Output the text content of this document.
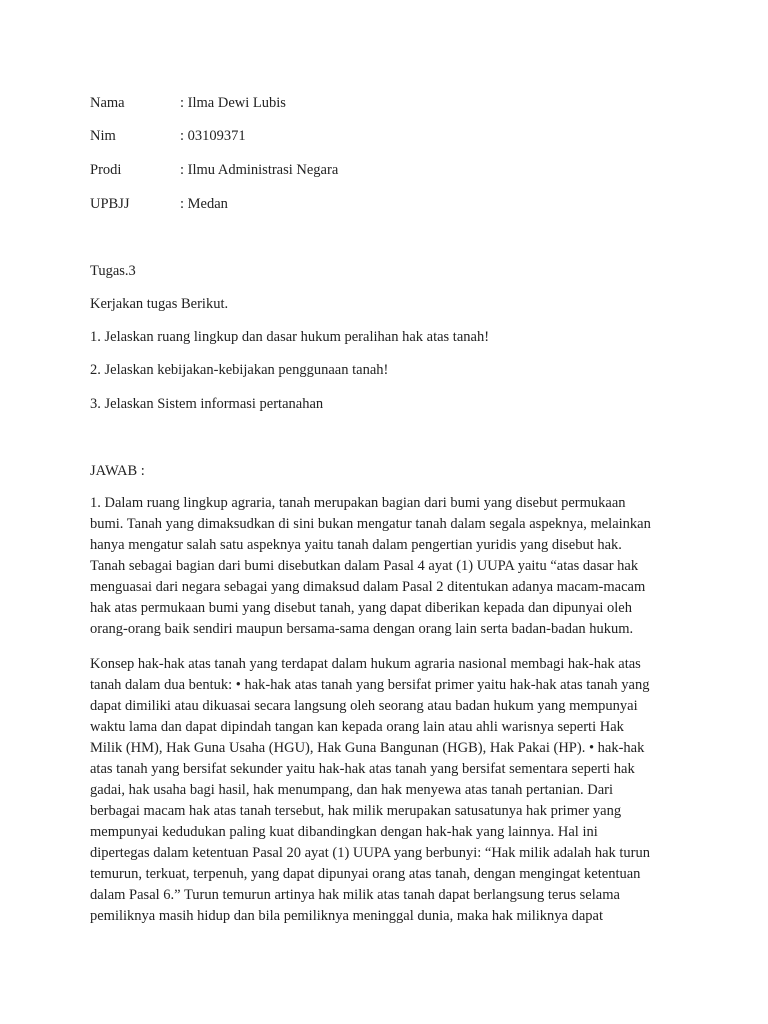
Nama	: Ilma Dewi Lubis
Nim	: 03109371
Prodi	: Ilmu Administrasi Negara
UPBJJ	: Medan
Tugas.3
Kerjakan tugas Berikut.
1. Jelaskan ruang lingkup dan dasar hukum peralihan hak atas tanah!
2. Jelaskan kebijakan-kebijakan penggunaan tanah!
3. Jelaskan Sistem informasi pertanahan
JAWAB :

1. Dalam ruang lingkup agraria, tanah merupakan bagian dari bumi yang disebut permukaan
bumi. Tanah yang dimaksudkan di sini bukan mengatur tanah dalam segala aspeknya, melainkan
hanya mengatur salah satu aspeknya yaitu tanah dalam pengertian yuridis yang disebut hak.
Tanah sebagai bagian dari bumi disebutkan dalam Pasal 4 ayat (1) UUPA yaitu “atas dasar hak
menguasai dari negara sebagai yang dimaksud dalam Pasal 2 ditentukan adanya macam-macam
hak atas permukaan bumi yang disebut tanah, yang dapat diberikan kepada dan dipunyai oleh
orang-orang baik sendiri maupun bersama-sama dengan orang lain serta badan-badan hukum.

Konsep hak-hak atas tanah yang terdapat dalam hukum agraria nasional membagi hak-hak atas
tanah dalam dua bentuk: • hak-hak atas tanah yang bersifat primer yaitu hak-hak atas tanah yang
dapat dimiliki atau dikuasai secara langsung oleh seorang atau badan hukum yang mempunyai
waktu lama dan dapat dipindah tangan kan kepada orang lain atau ahli warisnya seperti Hak
Milik (HM), Hak Guna Usaha (HGU), Hak Guna Bangunan (HGB), Hak Pakai (HP). • hak-hak
atas tanah yang bersifat sekunder yaitu hak-hak atas tanah yang bersifat sementara seperti hak
gadai, hak usaha bagi hasil, hak menumpang, dan hak menyewa atas tanah pertanian. Dari
berbagai macam hak atas tanah tersebut, hak milik merupakan satusatunya hak primer yang
mempunyai kedudukan paling kuat dibandingkan dengan hak-hak yang lainnya. Hal ini
dipertegas dalam ketentuan Pasal 20 ayat (1) UUPA yang berbunyi: “Hak milik adalah hak turun
temurun, terkuat, terpenuh, yang dapat dipunyai orang atas tanah, dengan mengingat ketentuan
dalam Pasal 6.” Turun temurun artinya hak milik atas tanah dapat berlangsung terus selama
pemiliknya masih hidup dan bila pemiliknya meninggal dunia, maka hak miliknya dapat
